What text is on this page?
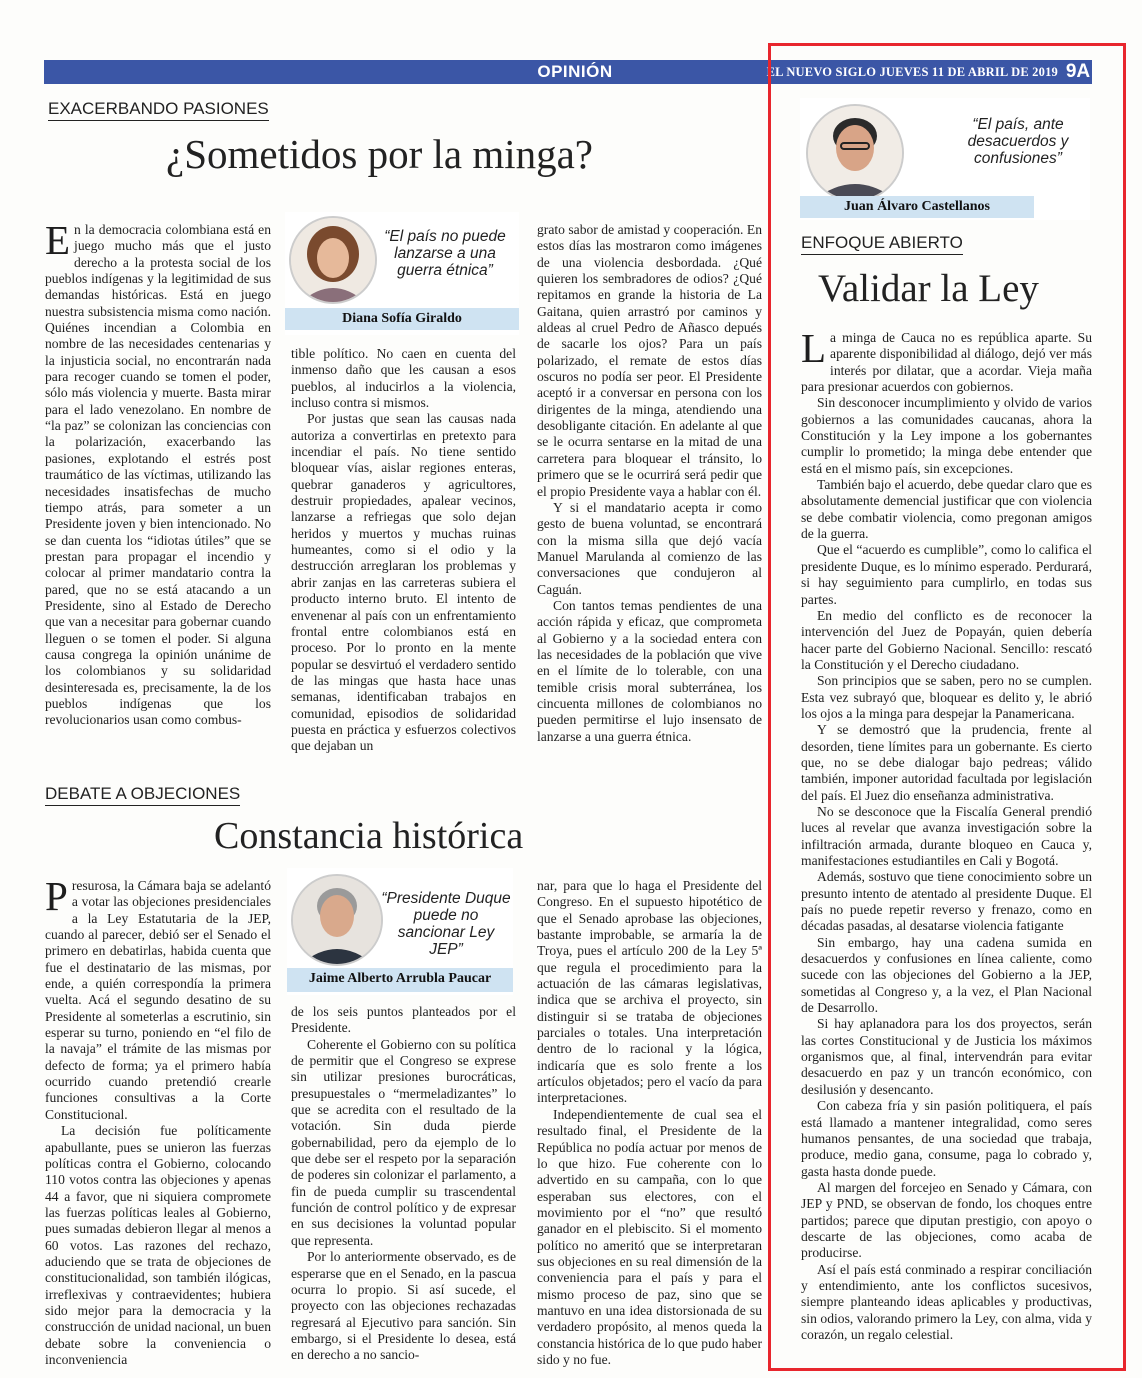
OPINIÓN	EL NUEVO SIGLO JUEVES 11 DE ABRIL DE 2019 9A
EXACERBANDO PASIONES
¿Sometidos por la minga?

En la democracia colombiana está en juego mucho más que el justo derecho a la protesta social de los pueblos indígenas y la legitimidad de sus demandas históricas. Está en juego nuestra subsistencia misma como nación. Quiénes incendian a Colombia en nombre de las necesidades centenarias y la injusticia social, no encontrarán nada para recoger cuando se tomen el poder, sólo más violencia y muerte. Basta mirar para el lado venezolano. En nombre de “la paz” se colonizan las conciencias con la polarización, exacerbando las pasiones, explotando el estrés post traumático de las víctimas, utilizando las necesidades insatisfechas de mucho tiempo atrás, para someter a un Presidente joven y bien intencionado. No se dan cuenta los “idiotas útiles” que se prestan para propagar el incendio y colocar al primer mandatario contra la pared, que no se está atacando a un Presidente, sino al Estado de Derecho que van a necesitar para gobernar cuando lleguen o se tomen el poder. Si alguna causa congrega la opinión unánime de los colombianos y su solidaridad desinteresada es, precisamente, la de los pueblos indígenas que los revolucionarios usan como combus-

“El país no puede lanzarse a una guerra étnica”
Diana Sofía Giraldo

tible político. No caen en cuenta del inmenso daño que les causan a esos pueblos, al inducirlos a la violencia, incluso contra si mismos.

Por justas que sean las causas nada autoriza a convertirlas en pretexto para incendiar el país. No tiene sentido bloquear vías, aislar regiones enteras, quebrar ganaderos y agricultores, destruir propiedades, apalear vecinos, lanzarse a refriegas que solo dejan heridos y muertos y muchas ruinas humeantes, como si el odio y la destrucción arreglaran los problemas y abrir zanjas en las carreteras subiera el producto interno bruto. El intento de envenenar al país con un enfrentamiento frontal entre colombianos está en proceso. Por lo pronto en la mente popular se desvirtuó el verdadero sentido de las mingas que hasta hace unas semanas, identificaban trabajos en comunidad, episodios de solidaridad puesta en práctica y esfuerzos colectivos que dejaban un

grato sabor de amistad y cooperación. En estos días las mostraron como imágenes de una violencia desbordada. ¿Qué quieren los sembradores de odios? ¿Qué repitamos en grande la historia de La Gaitana, quien arrastró por caminos y aldeas al cruel Pedro de Añasco depués de sacarle los ojos? Para un país polarizado, el remate de estos días oscuros no podía ser peor. El Presidente aceptó ir a conversar en persona con los dirigentes de la minga, atendiendo una desobligante citación. En adelante al que se le ocurra sentarse en la mitad de una carretera para bloquear el tránsito, lo primero que se le ocurrirá será pedir que el propio Presidente vaya a hablar con él.

Y si el mandatario acepta ir como gesto de buena voluntad, se encontrará con la misma silla que dejó vacía Manuel Marulanda al comienzo de las conversaciones que condujeron al Caguán.

Con tantos temas pendientes de una acción rápida y eficaz, que comprometa al Gobierno y a la sociedad entera con las necesidades de la población que vive en el límite de lo tolerable, con una temible crisis moral subterránea, los cincuenta millones de colombianos no pueden permitirse el lujo insensato de lanzarse a una guerra étnica.

DEBATE A OBJECIONES
Constancia histórica

Presurosa, la Cámara baja se adelantó a votar las objeciones presidenciales a la Ley Estatutaria de la JEP, cuando al parecer, debió ser el Senado el primero en debatirlas, habida cuenta que fue el destinatario de las mismas, por ende, a quién correspondía la primera vuelta. Acá el segundo desatino de su Presidente al someterlas a escrutinio, sin esperar su turno, poniendo en “el filo de la navaja” el trámite de las mismas por defecto de forma; ya el primero había ocurrido cuando pretendió crearle funciones consultivas a la Corte Constitucional.

La decisión fue políticamente apabullante, pues se unieron las fuerzas políticas contra el Gobierno, colocando 110 votos contra las objeciones y apenas 44 a favor, que ni siquiera compromete las fuerzas políticas leales al Gobierno, pues sumadas debieron llegar al menos a 60 votos. Las razones del rechazo, aduciendo que se trata de objeciones de constitucionalidad, son también ilógicas, irreflexivas y contraevidentes; hubiera sido mejor para la democracia y la construcción de unidad nacional, un buen debate sobre la conveniencia o inconveniencia

“Presidente Duque puede no sancionar Ley JEP”
Jaime Alberto Arrubla Paucar

de los seis puntos planteados por el Presidente.

Coherente el Gobierno con su política de permitir que el Congreso se exprese sin utilizar presiones burocráticas, presupuestales o “mermeladizantes” lo que se acredita con el resultado de la votación. Sin duda pierde gobernabilidad, pero da ejemplo de lo que debe ser el respeto por la separación de poderes sin colonizar el parlamento, a fin de pueda cumplir su trascendental función de control político y de expresar en sus decisiones la voluntad popular que representa.

Por lo anteriormente observado, es de esperarse que en el Senado, en la pascua ocurra lo propio. Si así sucede, el proyecto con las objeciones rechazadas regresará al Ejecutivo para sanción. Sin embargo, si el Presidente lo desea, está en derecho a no sancio-

nar, para que lo haga el Presidente del Congreso. En el supuesto hipotético de que el Senado aprobase las objeciones, bastante improbable, se armaría la de Troya, pues el artículo 200 de la Ley 5ª que regula el procedimiento para la actuación de las cámaras legislativas, indica que se archiva el proyecto, sin distinguir si se trataba de objeciones parciales o totales. Una interpretación dentro de lo racional y la lógica, indicaría que es solo frente a los artículos objetados; pero el vacío da para interpretaciones.

Independientemente de cual sea el resultado final, el Presidente de la República no podía actuar por menos de lo que hizo. Fue coherente con lo advertido en su campaña, con lo que esperaban sus electores, con el movimiento por el “no” que resultó ganador en el plebiscito. Si el momento político no ameritó que se interpretaran sus objeciones en su real dimensión de la conveniencia para el país y para el mismo proceso de paz, sino que se mantuvo en una idea distorsionada de su verdadero propósito, al menos queda la constancia histórica de lo que pudo haber sido y no fue.

“El país, ante desacuerdos y confusiones”
Juan Álvaro Castellanos
ENFOQUE ABIERTO
Validar la Ley

La minga de Cauca no es república aparte. Su aparente disponibilidad al diálogo, dejó ver más interés por dilatar, que a acordar. Vieja maña para presionar acuerdos con gobiernos.

Sin desconocer incumplimiento y olvido de varios gobiernos a las comunidades caucanas, ahora la Constitución y la Ley impone a los gobernantes cumplir lo prometido; la minga debe entender que está en el mismo país, sin excepciones.

También bajo el acuerdo, debe quedar claro que es absolutamente demencial justificar que con violencia se debe combatir violencia, como pregonan amigos de la guerra.

Que el “acuerdo es cumplible”, como lo califica el presidente Duque, es lo mínimo esperado. Perdurará, si hay seguimiento para cumplirlo, en todas sus partes.

En medio del conflicto es de reconocer la intervención del Juez de Popayán, quien debería hacer parte del Gobierno Nacional. Sencillo: rescató la Constitución y el Derecho ciudadano.

Son principios que se saben, pero no se cumplen. Esta vez subrayó que, bloquear es delito y, le abrió los ojos a la minga para despejar la Panamericana.

Y se demostró que la prudencia, frente al desorden, tiene límites para un gobernante. Es cierto que, no se debe dialogar bajo pedreas; válido también, imponer autoridad facultada por legislación del país. El Juez dio enseñanza administrativa.

No se desconoce que la Fiscalía General prendió luces al revelar que avanza investigación sobre la infiltración armada, durante bloqueo en Cauca y, manifestaciones estudiantiles en Cali y Bogotá.

Además, sostuvo que tiene conocimiento sobre un presunto intento de atentado al presidente Duque. El país no puede repetir reverso y frenazo, como en décadas pasadas, al desatarse violencia fatigante

Sin embargo, hay una cadena sumida en desacuerdos y confusiones en línea caliente, como sucede con las objeciones del Gobierno a la JEP, sometidas al Congreso y, a la vez, el Plan Nacional de Desarrollo.

Si hay aplanadora para los dos proyectos, serán las cortes Constitucional y de Justicia los máximos organismos que, al final, intervendrán para evitar desacuerdo en paz y un trancón económico, con desilusión y desencanto.

Con cabeza fría y sin pasión politiquera, el país está llamado a mantener integralidad, como seres humanos pensantes, de una sociedad que trabaja, produce, medio gana, consume, paga lo cobrado y, gasta hasta donde puede.

Al margen del forcejeo en Senado y Cámara, con JEP y PND, se observan de fondo, los choques entre partidos; parece que diputan prestigio, con apoyo o descarte de las objeciones, como acaba de producirse.

Así el país está conminado a respirar conciliación y entendimiento, ante los conflictos sucesivos, siempre planteando ideas aplicables y productivas, sin odios, valorando primero la Ley, con alma, vida y corazón, un regalo celestial.
